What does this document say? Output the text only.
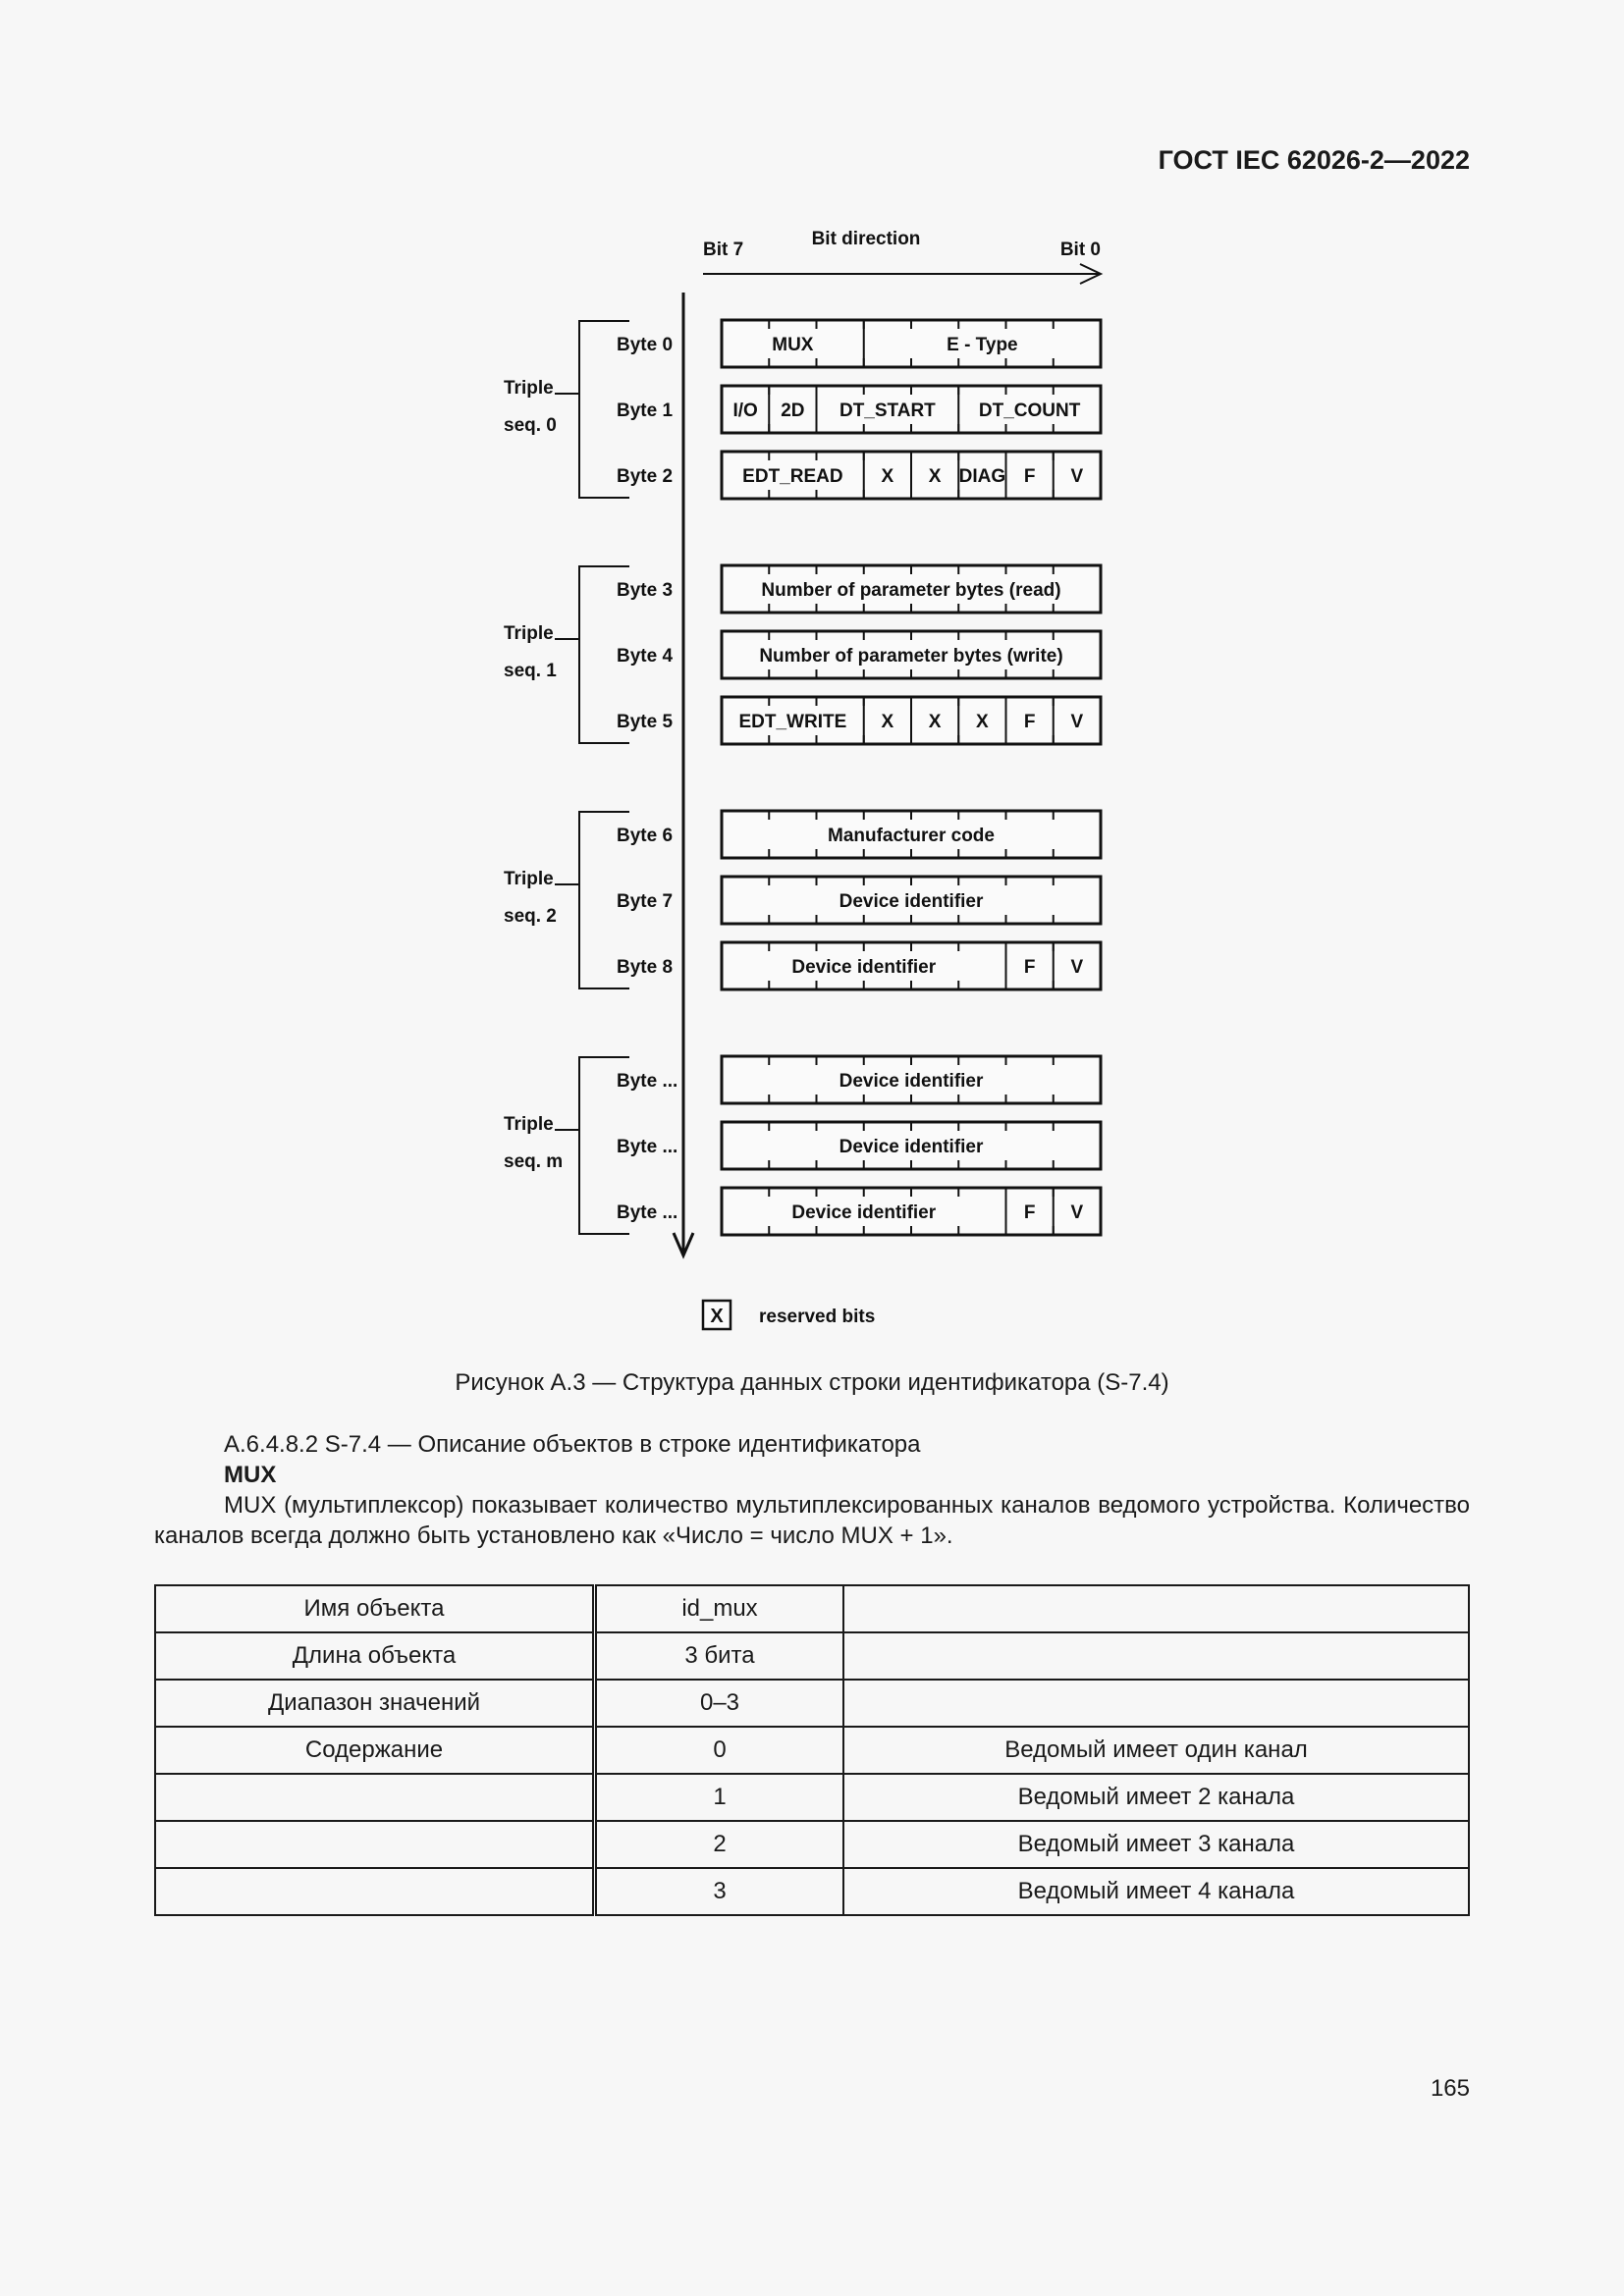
ГОСТ IEC 62026-2—2022
Bit 7	Bit 0
Bit direction
Triple
seq. 0
Byte 0	MUX	E - Type
Byte 1	I/O 2D DT_START DT_COUNT
Byte 2	EDT_READ X X DIAG F V
Triple
seq. 1
Byte 3	Number of parameter bytes (read)
Byte 4	Number of parameter bytes (write)
Byte 5	EDT_WRITE X X X F V
Triple
seq. 2
Byte 6	Manufacturer code
Byte 7	Device identifier
Byte 8	Device identifier	F V
Triple
seq. m
Byte ...	Device identifier
Byte ...	Device identifier
Byte ...	Device identifier	F V
X reserved bits
Рисунок А.3 — Структура данных строки идентификатора (S-7.4)
А.6.4.8.2 S-7.4 — Описание объектов в строке идентификатора
MUX
MUX (мультиплексор) показывает количество мультиплексированных каналов ведомого устройства. Количество каналов всегда должно быть установлено как «Число = число MUX + 1».
Имя объекта	id_mux	
Длина объекта	3 бита	
Диапазон значений	0–3	
Содержание	0	Ведомый имеет один канал
	1	Ведомый имеет 2 канала
	2	Ведомый имеет 3 канала
	3	Ведомый имеет 4 канала
165
